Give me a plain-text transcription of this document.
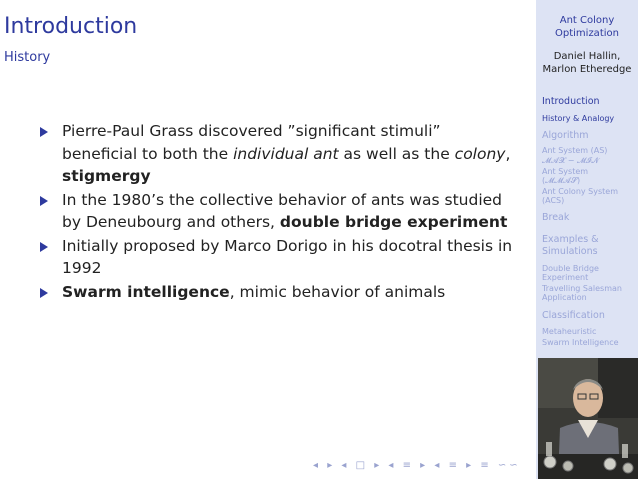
Introduction
History
Pierre-Paul Grass discovered ”significant stimuli” beneficial to both the individual ant as well as the colony, stigmergy
In the 1980’s the collective behavior of ants was studied by Deneubourg and others, double bridge experiment
Initially proposed by Marco Dorigo in his docotral thesis in 1992
Swarm intelligence, mimic behavior of animals
◂ ▸ ◂ □ ▸ ◂ ≡ ▸ ◂ ≡ ▸ ≡ ∽∽
Ant Colony
Optimization
Daniel Hallin,
Marlon Etheredge
Introduction
History & Analogy
Algorithm
Ant System (AS)
𝓜𝓐𝓧 − 𝓜𝓘𝓝
Ant System
(𝓜𝓜𝓐𝓢)
Ant Colony System
(ACS)
Break
Examples &
Simulations
Double Bridge
Experiment
Travelling Salesman
Application
Classification
Metaheuristic
Swarm Intelligence
